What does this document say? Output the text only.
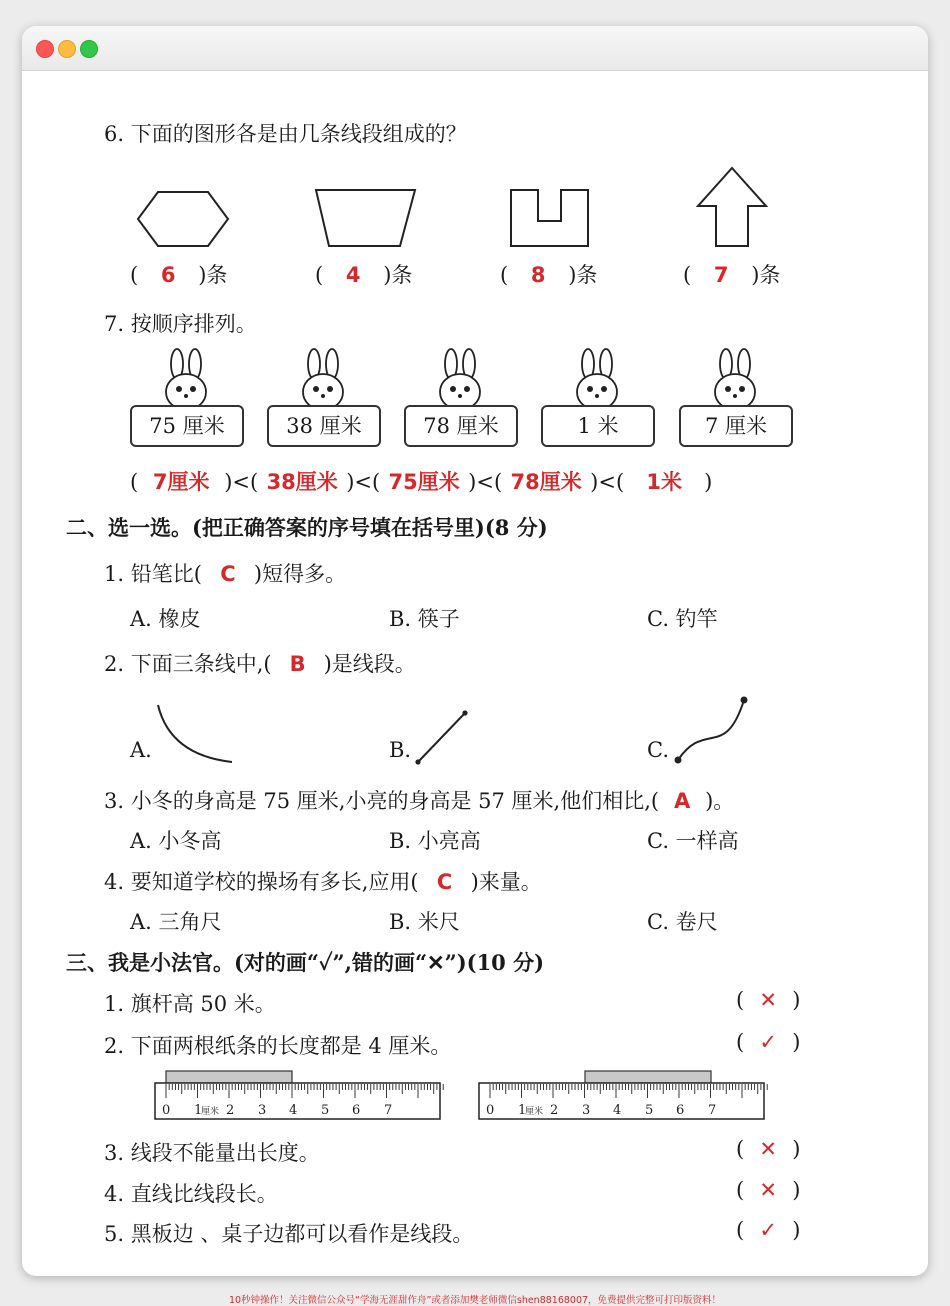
6. 下面的图形各是由几条线段组成的？
( 6 )条	( 4 )条	( 8 )条	( 7 )条
7. 按顺序排列。
75 厘米	38 厘米	78 厘米	1 米	7 厘米
( 7厘米 )<( 38厘米 )<( 75厘米 )<( 78厘米 )<( 1米 )
二、选一选。(把正确答案的序号填在括号里)(8 分)
1. 铅笔比( C )短得多。
A. 橡皮	B. 筷子	C. 钓竿
2. 下面三条线中,( B )是线段。
A.	B.	C.
3. 小冬的身高是 75 厘米,小亮的身高是 57 厘米,他们相比,( A )。
A. 小冬高	B. 小亮高	C. 一样高
4. 要知道学校的操场有多长,应用( C )来量。
A. 三角尺	B. 米尺	C. 卷尺
三、我是小法官。(对的画“✓”,错的画“✕”)(10 分)
1. 旗杆高 50 米。	( ✕ )
2. 下面两根纸条的长度都是 4 厘米。	( ✓ )
0 1
厘米 2 3 4 5 6 7	0 1
厘米 2 3 4 5 6 7
3. 线段不能量出长度。	( ✕ )
4. 直线比线段长。	( ✕ )
5. 黑板边 、桌子边都可以看作是线段。	( ✓ )
10秒钟操作！关注微信公众号“学海无涯甜作舟”或者添加樊老师微信shen88168007，免费提供完整可打印版资料！
